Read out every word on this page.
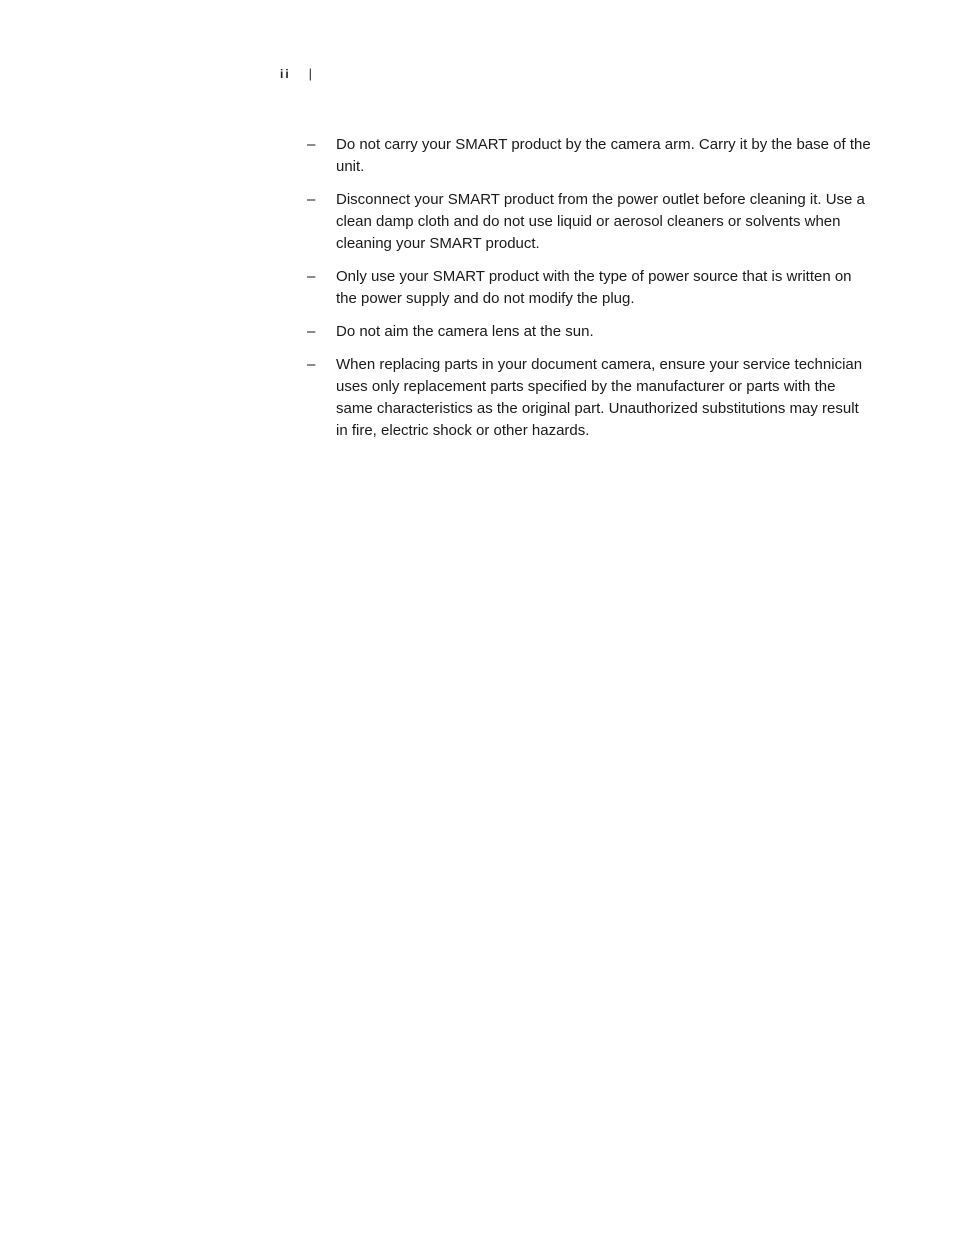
ii |
–	Do not carry your SMART product by the camera arm. Carry it by the base of the unit.
–	Disconnect your SMART product from the power outlet before cleaning it. Use a clean damp cloth and do not use liquid or aerosol cleaners or solvents when cleaning your SMART product.
–	Only use your SMART product with the type of power source that is written on the power supply and do not modify the plug.
–	Do not aim the camera lens at the sun.
–	When replacing parts in your document camera, ensure your service technician uses only replacement parts specified by the manufacturer or parts with the same characteristics as the original part. Unauthorized substitutions may result in fire, electric shock or other hazards.
